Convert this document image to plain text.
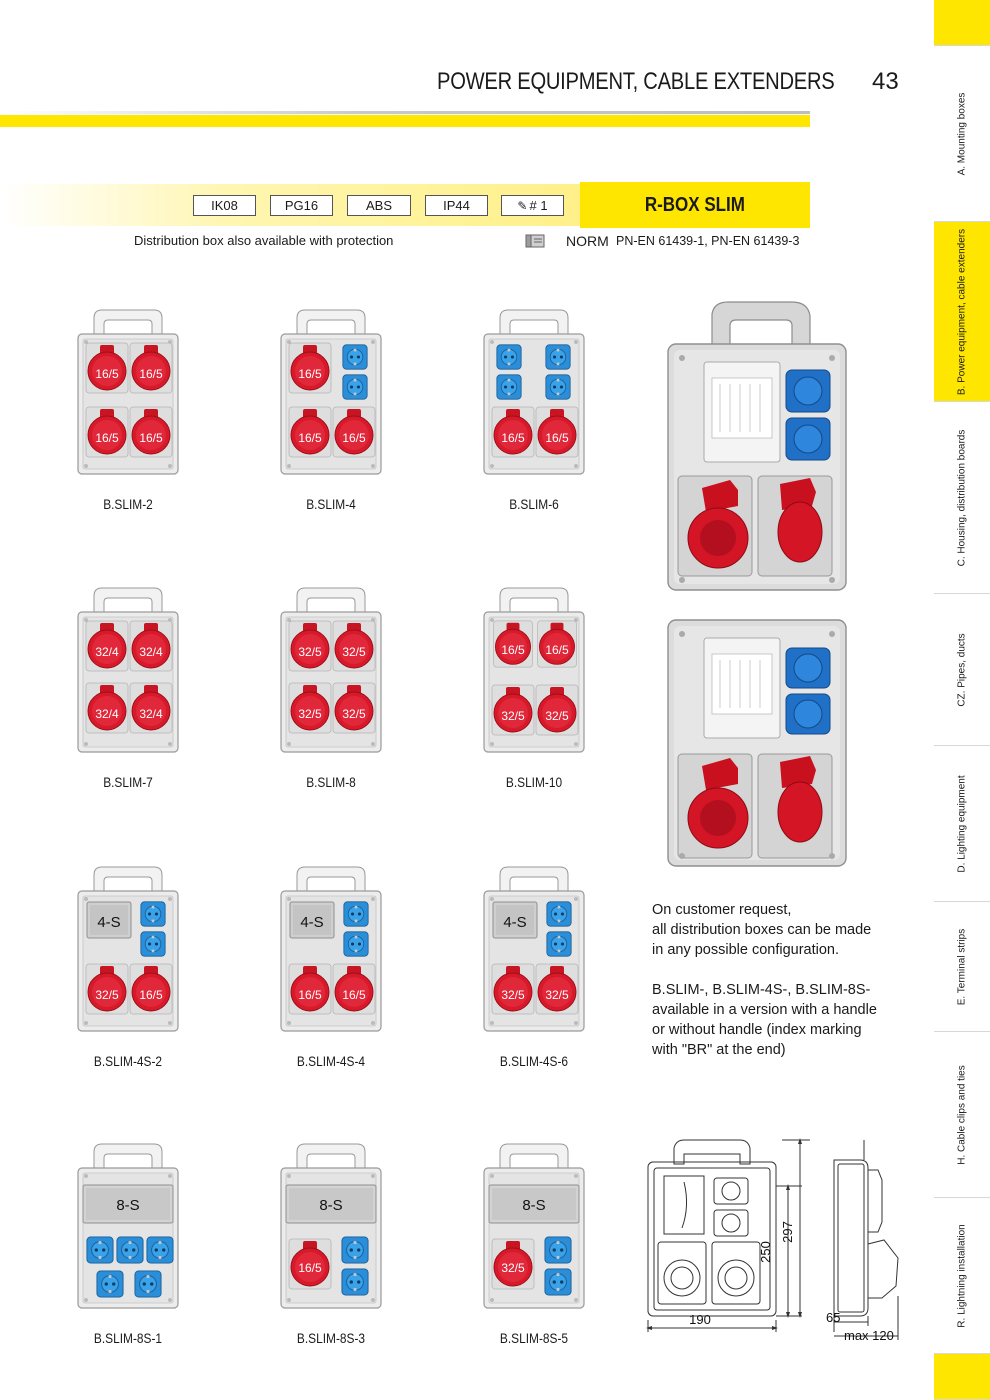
A. Mounting boxes
B. Power equipment, cable extenders
C. Housing, distribution boards
CZ. Pipes, ducts
D. Lighting equipment
E. Terminal strips
H. Cable clips and ties
R. Lightning installation
POWER EQUIPMENT, CABLE EXTENDERS 43
IK08	PG16	ABS	IP44	✎ # 1	R-BOX SLIM
Distribution box also available with protection	NORM PN-EN 61439-1, PN-EN 61439-3
16/5 16/5
16/5 16/5
B.SLIM-2
16/5
16/5 16/5
B.SLIM-4
16/5 16/5
B.SLIM-6
32/4 32/4
32/4 32/4
B.SLIM-7
32/5 32/5
32/5 32/5
B.SLIM-8
16/5 16/5
32/5 32/5
B.SLIM-10
4-S
32/5 16/5
B.SLIM-4S-2
4-S
16/5 16/5
B.SLIM-4S-4
4-S
32/5 32/5
B.SLIM-4S-6
8-S
B.SLIM-8S-1
8-S
16/5
B.SLIM-8S-3
8-S
32/5
B.SLIM-8S-5

On customer request,

all distribution boxes can be made

in any possible configuration.

B.SLIM-, B.SLIM-4S-, B.SLIM-8S-

available in a version with a handle

or without handle (index marking

with "BR" at the end)

250
297
190	65
max 120
